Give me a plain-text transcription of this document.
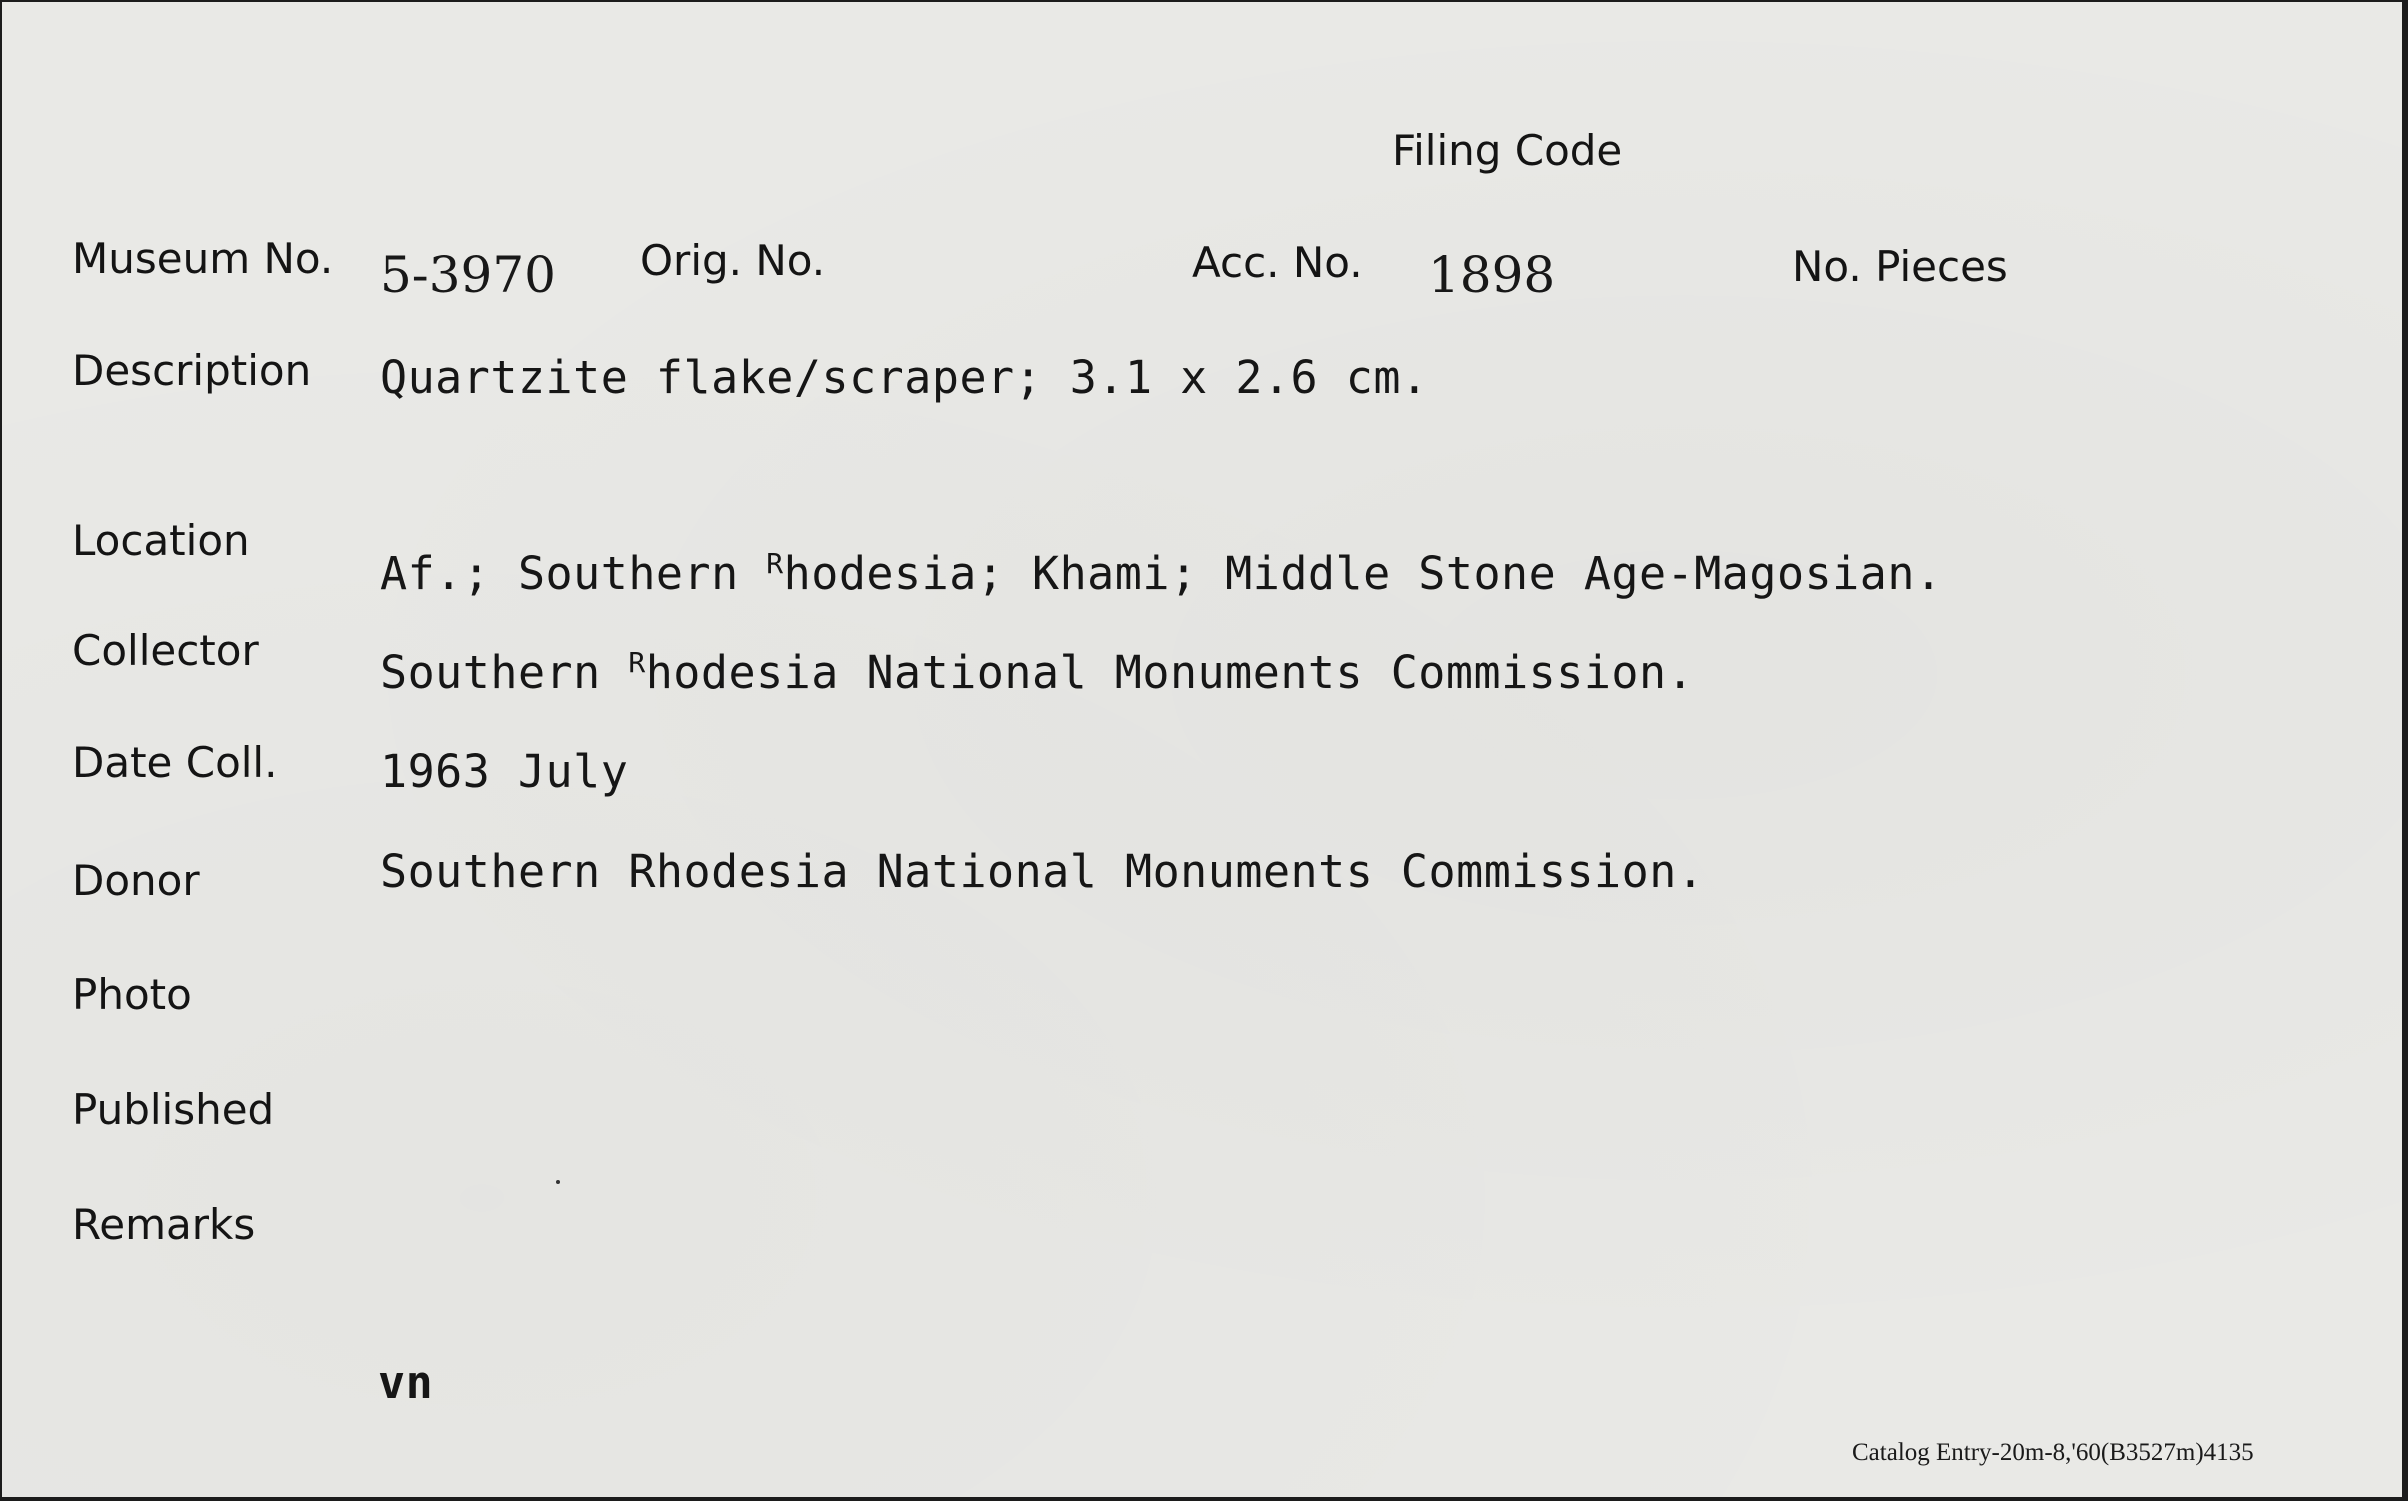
Filing Code
Museum No. 5-3970 Orig. No.	Acc. No. 1898	No. Pieces
Description Quartzite flake/scraper; 3.1 x 2.6 cm.
Location
Af.; Southern $^R$hodesia; Khami; Middle Stone Age-Magosian.
Collector	Southern $^R$hodesia National Monuments Commission.
Date Coll. 1963 July
Donor	Southern Rhodesia National Monuments Commission.
Photo
Published
Remarks
vn
Catalog Entry-20m-8,'60(B3527m)4135
